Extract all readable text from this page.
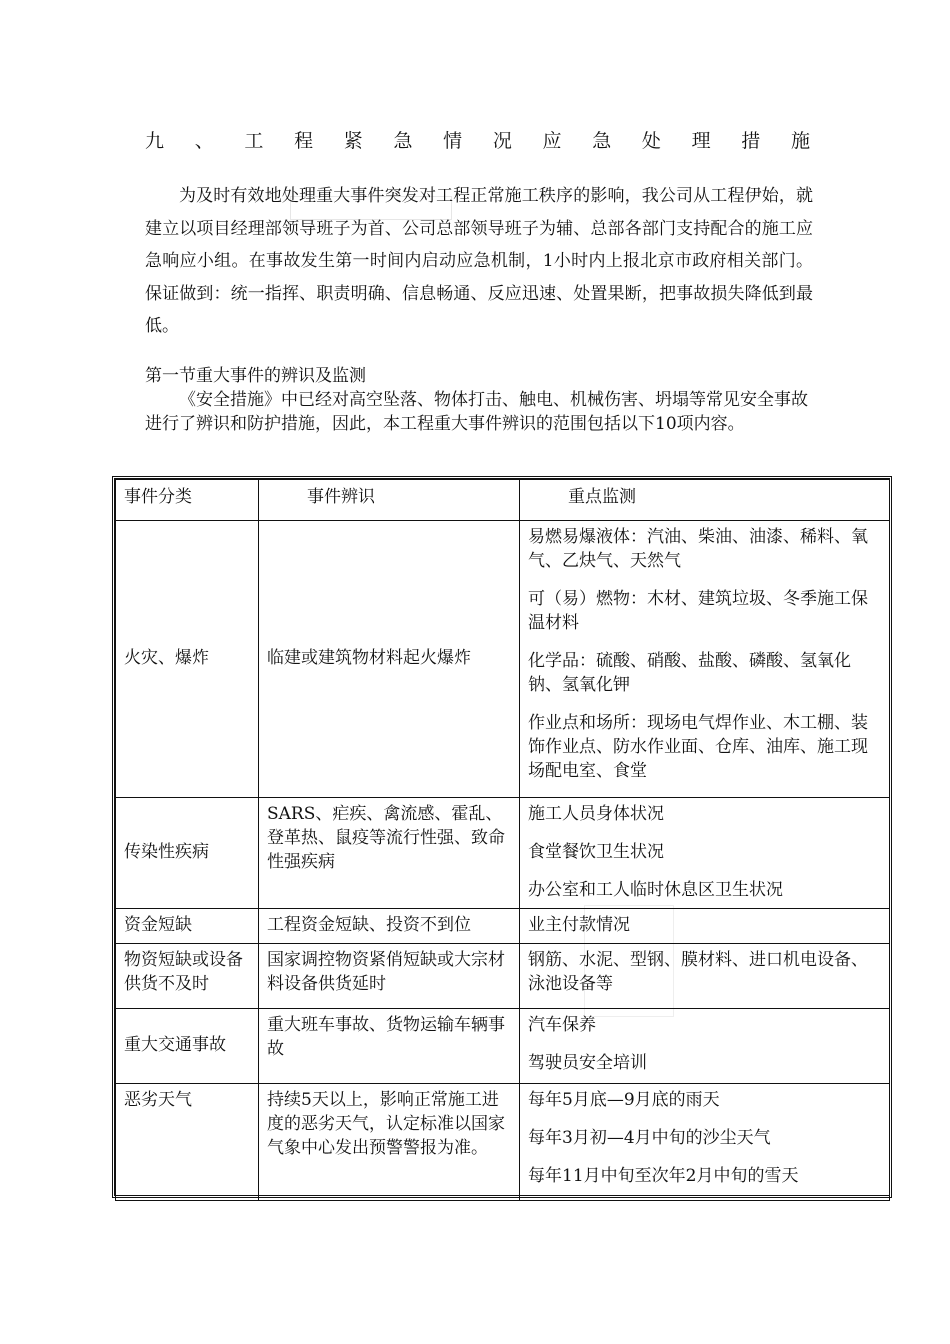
九 、 工 程 紧 急 情 况 应 急 处 理 措 施
为及时有效地处理重大事件突发对工程正常施工秩序的影响，我公司从工程伊始，就建立以项目经理部领导班子为首、公司总部领导班子为辅、总部各部门支持配合的施工应急响应小组。在事故发生第一时间内启动应急机制，1小时内上报北京市政府相关部门。保证做到：统一指挥、职责明确、信息畅通、反应迅速、处置果断，把事故损失降低到最低。
第一节重大事件的辨识及监测
《安全措施》中已经对高空坠落、物体打击、触电、机械伤害、坍塌等常见安全事故进行了辨识和防护措施，因此，本工程重大事件辨识的范围包括以下10项内容。
事件分类	事件辨识	重点监测
火灾、爆炸	临建或建筑物材料起火爆炸	易燃易爆液体：汽油、柴油、油漆、稀料、氧气、乙炔气、天然气
可（易）燃物：木材、建筑垃圾、冬季施工保温材料
化学品：硫酸、硝酸、盐酸、磷酸、氢氧化钠、氢氧化钾
作业点和场所：现场电气焊作业、木工棚、装饰作业点、防水作业面、仓库、油库、施工现场配电室、食堂

传染性疾病	SARS、疟疾、禽流感、霍乱、登革热、鼠疫等流行性强、致命性强疾病	施工人员身体状况
食堂餐饮卫生状况
办公室和工人临时休息区卫生状况

资金短缺	工程资金短缺、投资不到位	业主付款情况

物资短缺或设备供货不及时	国家调控物资紧俏短缺或大宗材料设备供货延时	钢筋、水泥、型钢、膜材料、进口机电设备、泳池设备等

重大交通事故	重大班车事故、货物运输车辆事故	汽车保养
驾驶员安全培训

恶劣天气	持续5天以上，影响正常施工进度的恶劣天气，认定标准以国家气象中心发出预警警报为准。	每年5月底—9月底的雨天
每年3月初—4月中旬的沙尘天气
每年11月中旬至次年2月中旬的雪天
